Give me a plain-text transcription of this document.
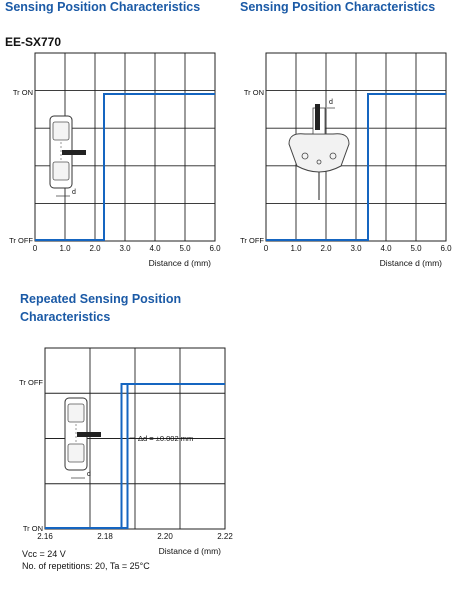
Sensing Position Characteristics	Sensing Position Characteristics

EE-SX770

Repeated Sensing Position

Characteristics

0	1.0 2.0 3.0 4.0 5.0 6.0
Tr ON
Tr OFF
Distance d (mm)
d
0	1.0 2.0 3.0 4.0 5.0 6.0
Tr ON
Tr OFF
Distance d (mm)
d
2.16	2.18	2.20	2.22
Tr OFF
Tr ON
Distance d (mm)
Δd = ±0.002 mm
d
Vcc = 24 V
No. of repetitions: 20, Ta = 25°C
